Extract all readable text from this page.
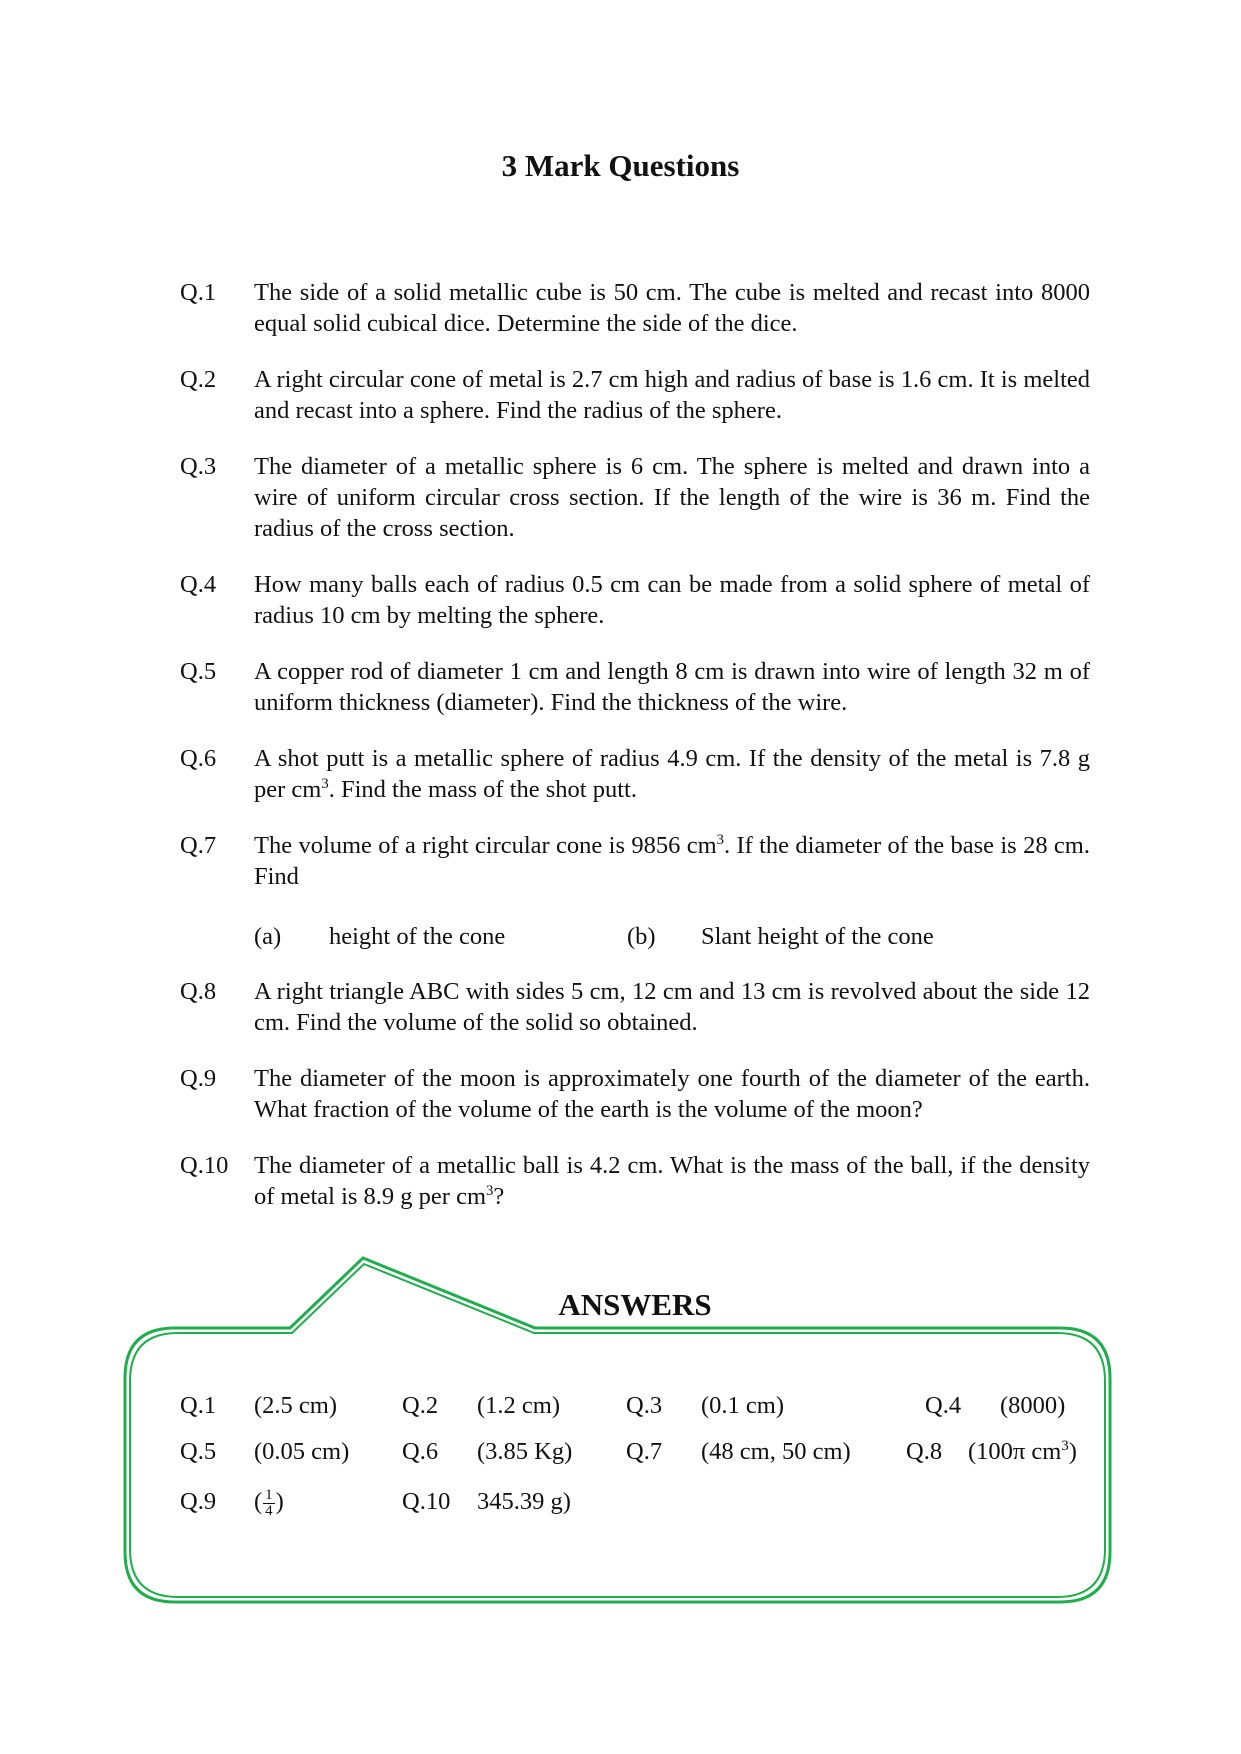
3 Mark Questions
Q.1 The side of a solid metallic cube is 50 cm. The cube is melted and recast into 8000 equal solid cubical dice. Determine the side of the dice.
Q.2 A right circular cone of metal is 2.7 cm high and radius of base is 1.6 cm. It is melted and recast into a sphere. Find the radius of the sphere.
Q.3 The diameter of a metallic sphere is 6 cm. The sphere is melted and drawn into a wire of uniform circular cross section. If the length of the wire is 36 m. Find the radius of the cross section.
Q.4 How many balls each of radius 0.5 cm can be made from a solid sphere of metal of radius 10 cm by melting the sphere.
Q.5 A copper rod of diameter 1 cm and length 8 cm is drawn into wire of length 32 m of uniform thickness (diameter). Find the thickness of the wire.
Q.6 A shot putt is a metallic sphere of radius 4.9 cm. If the density of the metal is 7.8 g per $cm^3$. Find the mass of the shot putt.
Q.7 The volume of a right circular cone is 9856 $cm^3$. If the diameter of the base is 28 cm. Find
(a) height of the cone	(b) Slant height of the cone
Q.8 A right triangle ABC with sides 5 cm, 12 cm and 13 cm is revolved about the side 12 cm. Find the volume of the solid so obtained.
Q.9 The diameter of the moon is approximately one fourth of the diameter of the earth. What fraction of the volume of the earth is the volume of the moon?
Q.10 The diameter of a metallic ball is 4.2 cm. What is the mass of the ball, if the density of metal is 8.9 g per $cm^3$?
ANSWERS
Q.1 (2.5 cm)	Q.2 (1.2 cm)	Q.3 (0.1 cm)	Q.4 (8000)
Q.5 (0.05 cm) Q.6 (3.85 Kg) Q.7 (48 cm, 50 cm) Q.8 (100π $cm^3$)
Q.9 ( $\frac{1}{4}$ )	Q.10 345.39 g)
